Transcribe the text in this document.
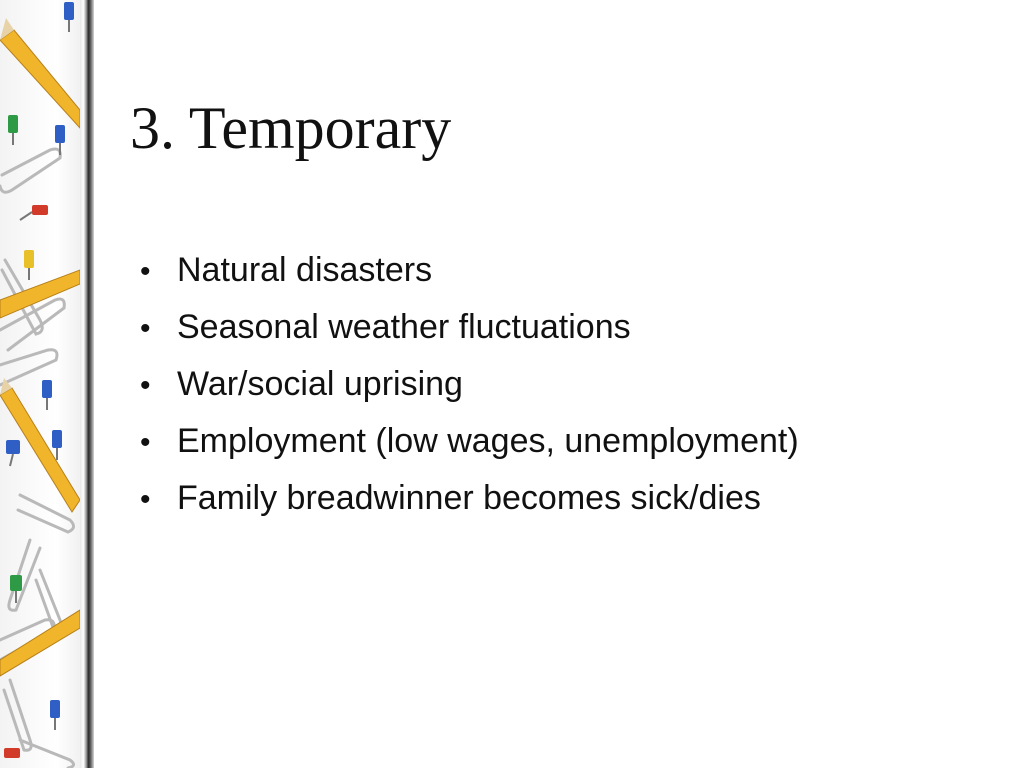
3. Temporary
• Natural disasters
• Seasonal weather fluctuations
• War/social uprising
• Employment (low wages, unemployment)
• Family breadwinner becomes sick/dies
